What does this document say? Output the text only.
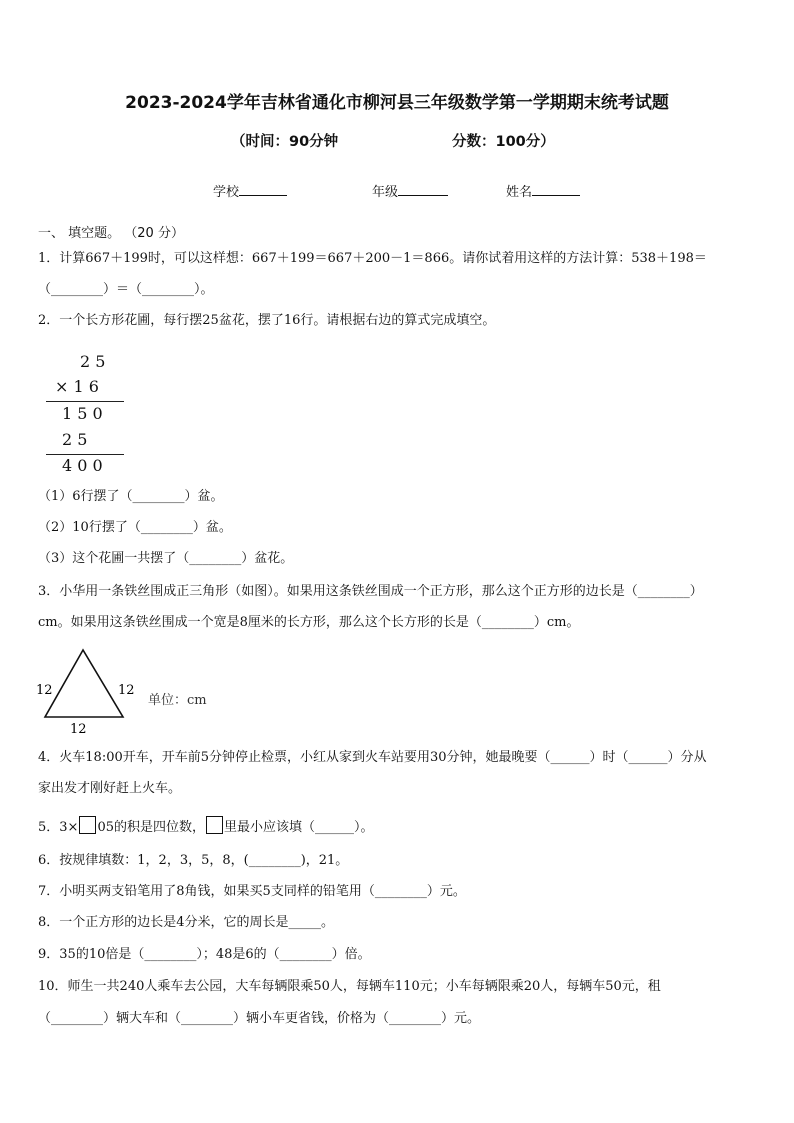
2023-2024学年吉林省通化市柳河县三年级数学第一学期期末统考试题
（时间：90分钟	分数：100分）
学校	年级	姓名
一、 填空题。 （20 分）
1．计算667＋199时，可以这样想：667＋199＝667＋200－1＝866。请你试着用这样的方法计算：538＋198＝
（________）＝（________）。
2．一个长方形花圃，每行摆25盆花，摆了16行。请根据右边的算式完成填空。
2 5
× 1 6
1 5 0
2 5
4 0 0
（1）6行摆了（________）盆。
（2）10行摆了（________）盆。
（3）这个花圃一共摆了（________）盆花。
3．小华用一条铁丝围成正三角形（如图）。如果用这条铁丝围成一个正方形，那么这个正方形的边长是（________）
cm。如果用这条铁丝围成一个宽是8厘米的长方形，那么这个长方形的长是（________）cm。
12	12
12
单位：cm
4．火车18:00开车，开车前5分钟停止检票，小红从家到火车站要用30分钟，她最晚要（______）时（______）分从
家出发才刚好赶上火车。
5．3× 05的积是四位数， 里最小应该填（______）。
6．按规律填数：1，2，3，5，8，(________)，21。
7．小明买两支铅笔用了8角钱，如果买5支同样的铅笔用（________）元。
8．一个正方形的边长是4分米，它的周长是_____。
9．35的10倍是（________）；48是6的（________）倍。
10．师生一共240人乘车去公园，大车每辆限乘50人，每辆车110元；小车每辆限乘20人，每辆车50元，租
（________）辆大车和（________）辆小车更省钱，价格为（________）元。
